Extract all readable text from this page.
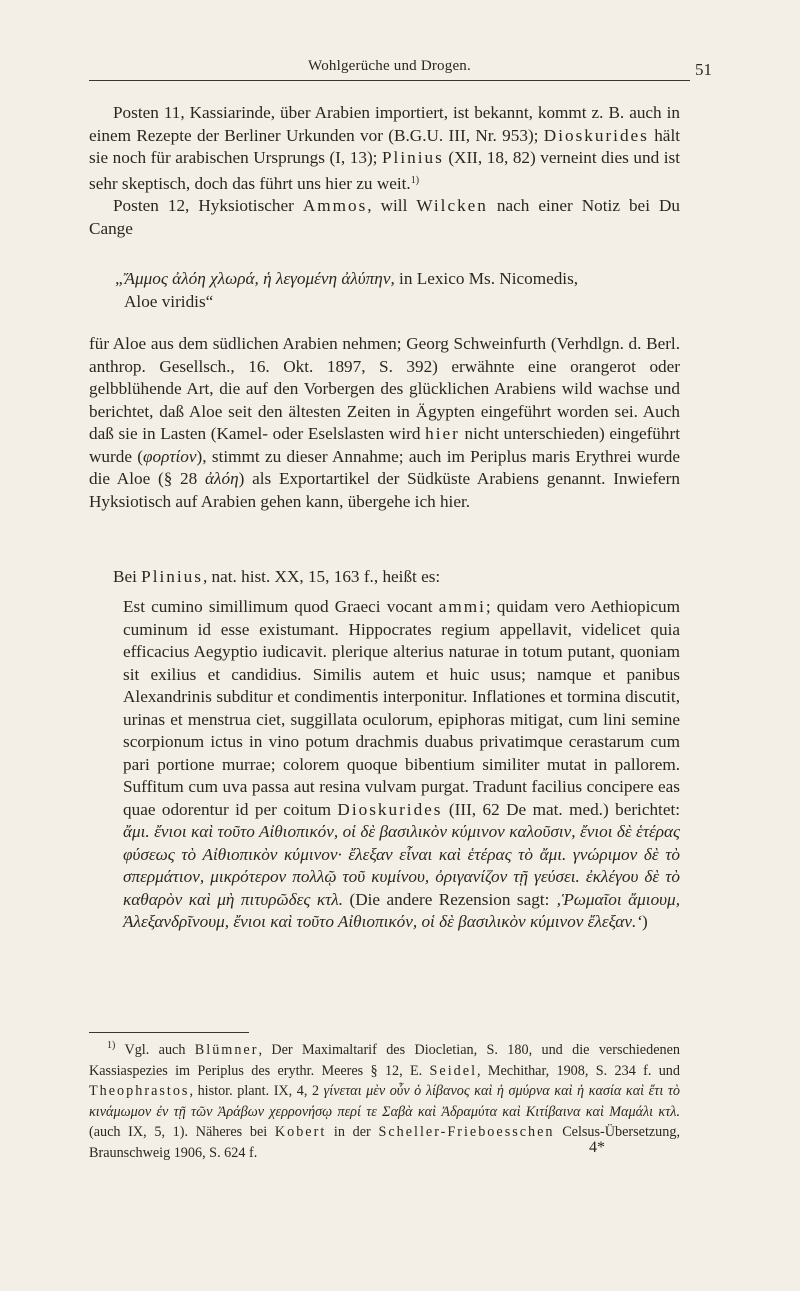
Wohlgerüche und Drogen.	51

Posten 11, Kassiarinde, über Arabien importiert, ist bekannt, kommt z. B. auch in einem Rezepte der Berliner Urkunden vor (B.G.U. III, Nr. 953); Dioskurides hält sie noch für arabischen Ursprungs (I, 13); Plinius (XII, 18, 82) verneint dies und ist sehr skeptisch, doch das führt uns hier zu weit.$^{1)}$

Posten 12, Hyksiotischer Ammos, will Wilcken nach einer Notiz bei Du Cange

„Ἄμμος ἀλόη χλωρά, ἡ λεγομένη ἀλύπην, in Lexico Ms. Nicomedis,
Aloe viridis“

für Aloe aus dem südlichen Arabien nehmen; Georg Schweinfurth (Verhdlgn. d. Berl. anthrop. Gesellsch., 16. Okt. 1897, S. 392) erwähnte eine orangerot oder gelbblühende Art, die auf den Vorbergen des glücklichen Arabiens wild wachse und berichtet, daß Aloe seit den ältesten Zeiten in Ägypten eingeführt worden sei. Auch daß sie in Lasten (Kamel- oder Eselslasten wird hier nicht unterschieden) eingeführt wurde (φορτίον), stimmt zu dieser Annahme; auch im Periplus maris Erythrei wurde die Aloe (§ 28 ἀλόη) als Exportartikel der Südküste Arabiens genannt. Inwiefern Hyksiotisch auf Arabien gehen kann, übergehe ich hier.

Bei Plinius, nat. hist. XX, 15, 163 f., heißt es:

Est cumino simillimum quod Graeci vocant ammi; quidam vero Aethiopicum cuminum id esse existumant. Hippocrates regium appellavit, videlicet quia efficacius Aegyptio iudicavit. plerique alterius naturae in totum putant, quoniam sit exilius et candidius. Similis autem et huic usus; namque et panibus Alexandrinis subditur et condimentis interponitur. Inflationes et tormina discutit, urinas et menstrua ciet, suggillata oculorum, epiphoras mitigat, cum lini semine scorpionum ictus in vino potum drachmis duabus privatimque cerastarum cum pari portione murrae; colorem quoque bibentium similiter mutat in pallorem. Suffitum cum uva passa aut resina vulvam purgat. Tradunt facilius concipere eas quae odorentur id per coitum Dioskurides (III, 62 De mat. med.) berichtet: ἄμι. ἔνιοι καὶ τοῦτο Αἰθιοπικόν, οἱ δὲ βασιλικὸν κύμινον καλοῦσιν, ἔνιοι δὲ ἑτέρας φύσεως τὸ Αἰθιοπικὸν κύμινον· ἔλεξαν εἶναι καὶ ἑτέρας τὸ ἄμι. γνώριμον δὲ τὸ σπερμάτιον, μικρότερον πολλῷ τοῦ κυμίνου, ὀριγανίζον τῇ γεύσει. ἐκλέγου δὲ τὸ καθαρὸν καὶ μὴ πιτυρῶδες κτλ. (Die andere Rezension sagt: ‚Ῥωμαῖοι ἄμιουμ, Ἀλεξανδρῖνουμ, ἔνιοι καὶ τοῦτο Αἰθιοπικόν, οἱ δὲ βασιλικὸν κύμινον ἔλεξαν.‘)

$^{1)}$ Vgl. auch Blümner, Der Maximaltarif des Diocletian, S. 180, und die verschiedenen Kassiaspezies im Periplus des erythr. Meeres § 12, E. Seidel, Mechithar, 1908, S. 234 f. und Theophrastos, histor. plant. IX, 4, 2 γίνεται μὲν οὖν ὁ λίβανος καὶ ἡ σμύρνα καὶ ἡ κασία καὶ ἔτι τὸ κινάμωμον ἐν τῇ τῶν Ἀράβων χερρονήσῳ περί τε Σαβὰ καὶ Ἀδραμύτα καὶ Κιτίβαινα καὶ Μαμάλι κτλ. (auch IX, 5, 1). Näheres bei Kobert in der Scheller-Frieboesschen Celsus-Übersetzung, Braunschweig 1906, S. 624 f.	4*
